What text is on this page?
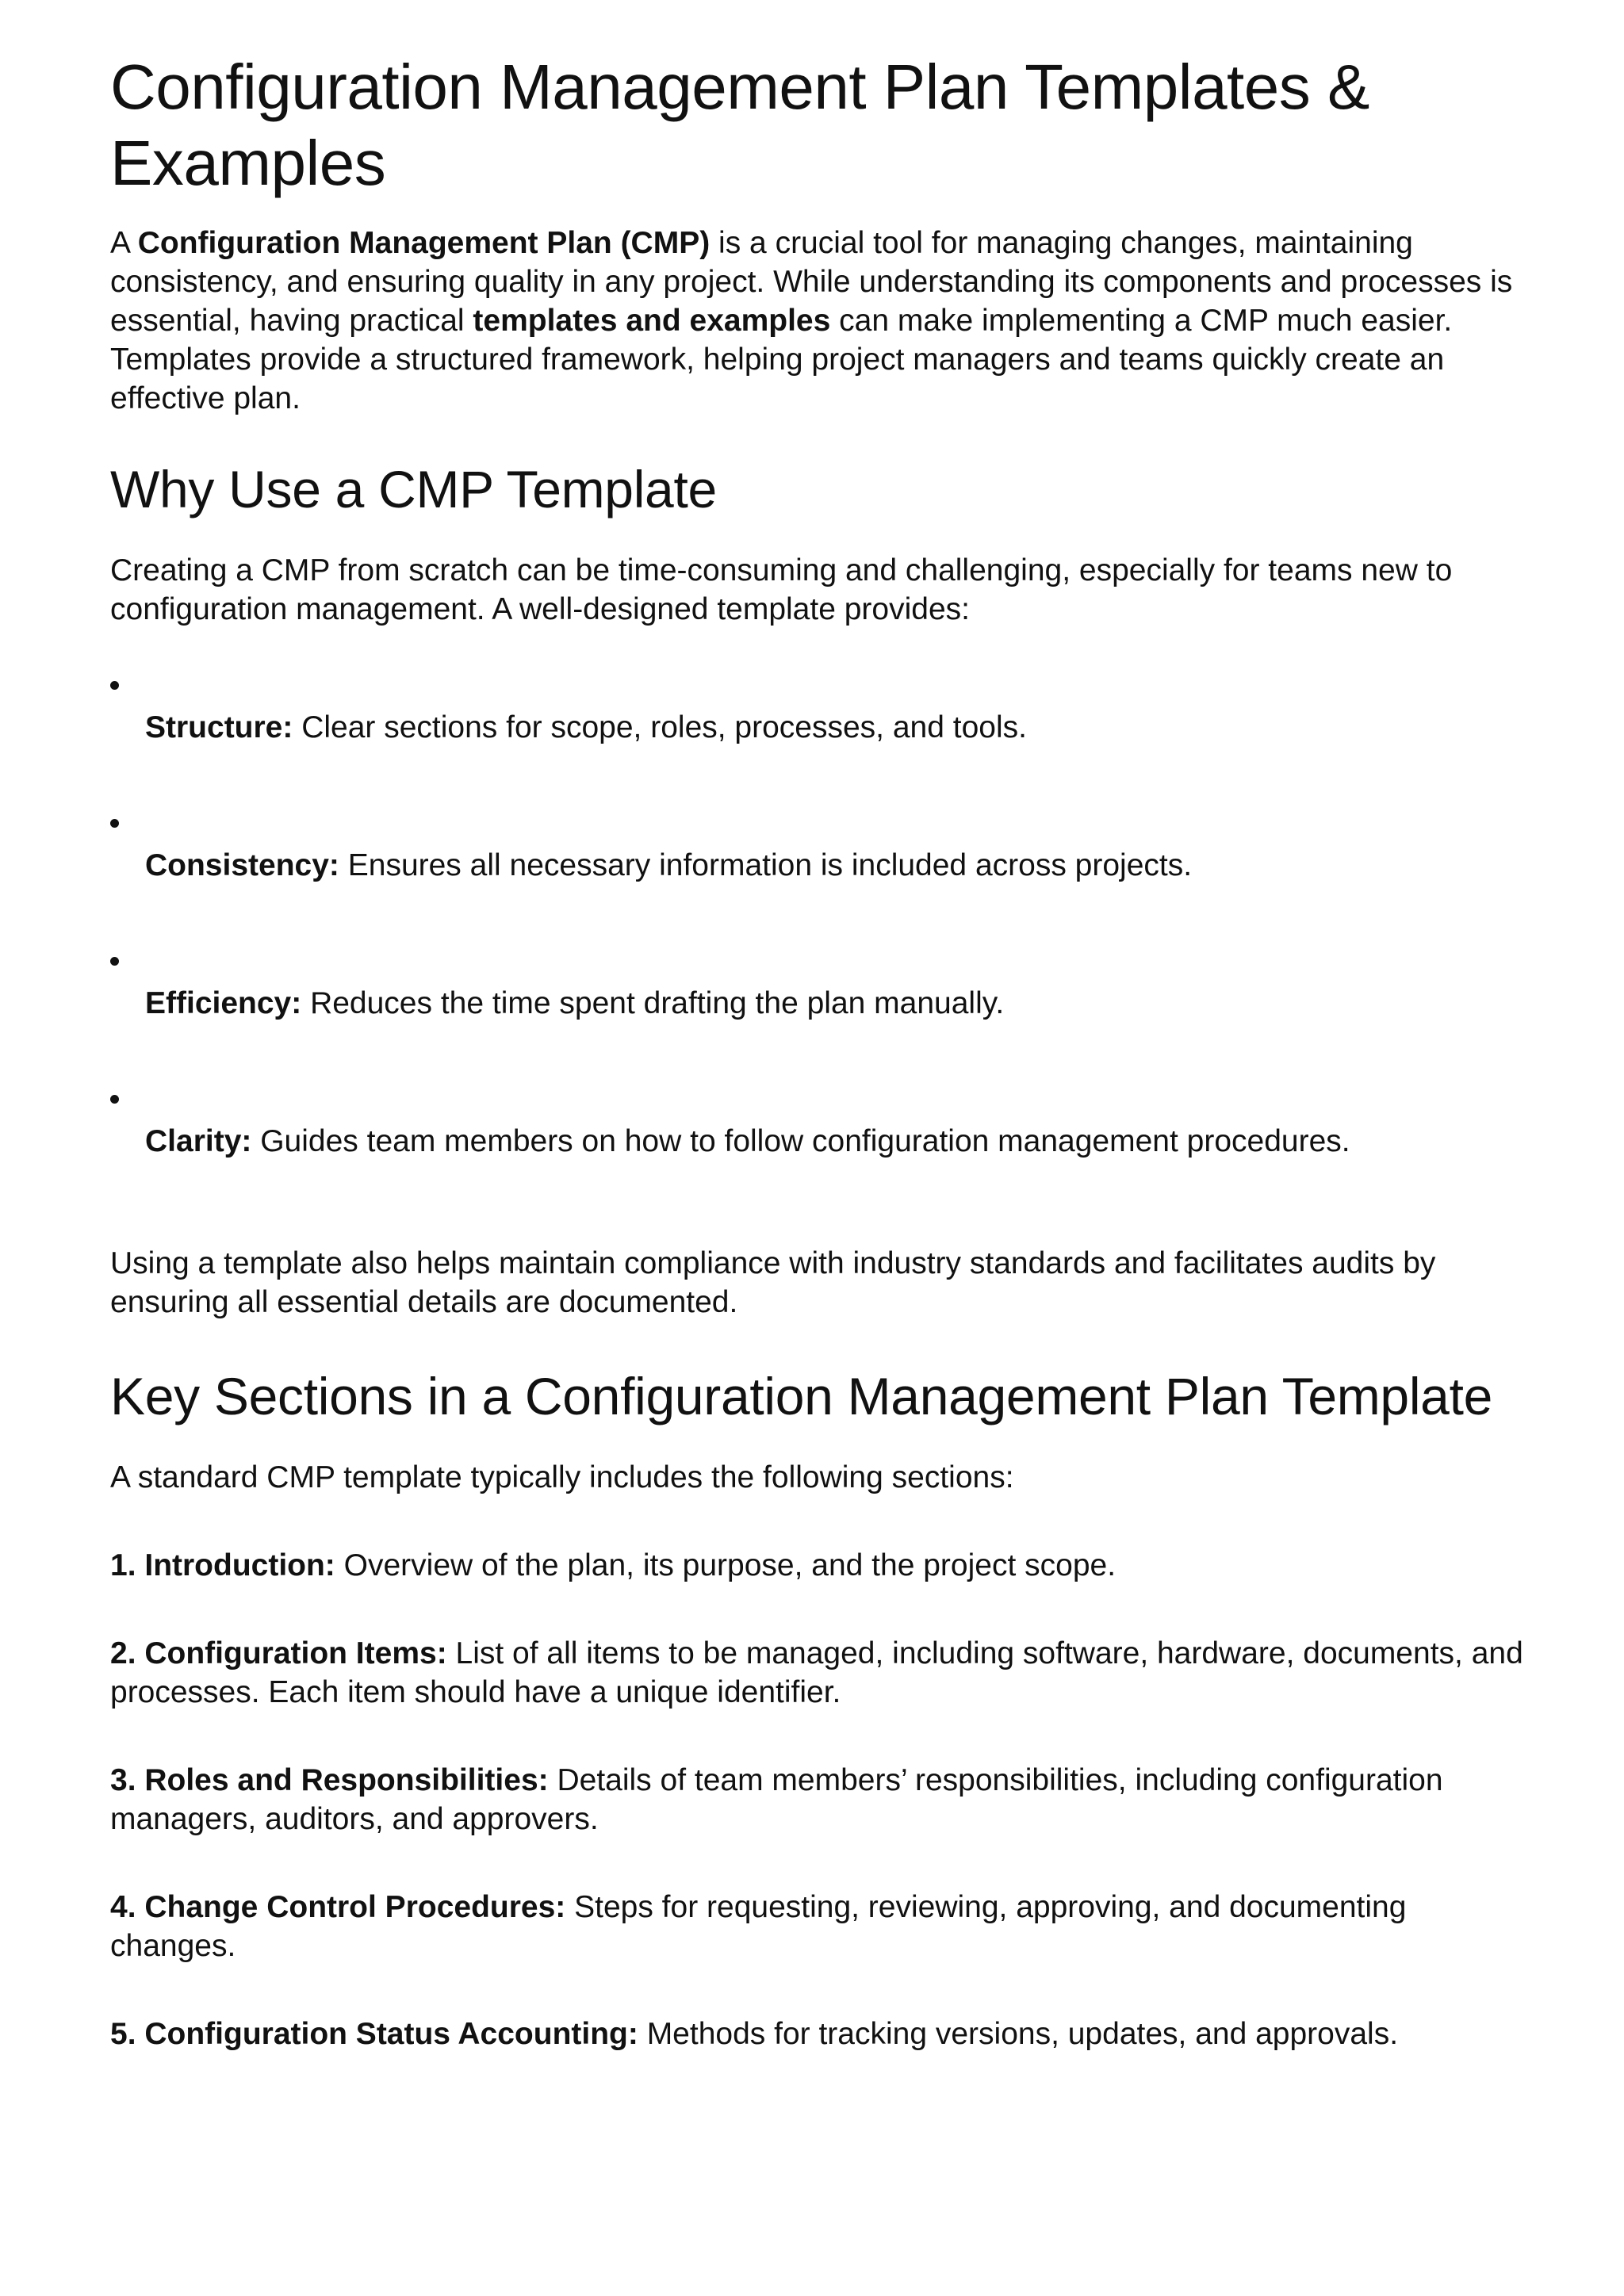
Configuration Management Plan Templates & Examples

A Configuration Management Plan (CMP) is a crucial tool for managing changes, maintaining consistency, and ensuring quality in any project. While understanding its components and processes is essential, having practical templates and examples can make implementing a CMP much easier. Templates provide a structured framework, helping project managers and teams quickly create an effective plan.

Why Use a CMP Template

Creating a CMP from scratch can be time-consuming and challenging, especially for teams new to configuration management. A well-designed template provides:

Structure: Clear sections for scope, roles, processes, and tools.
Consistency: Ensures all necessary information is included across projects.
Efficiency: Reduces the time spent drafting the plan manually.
Clarity: Guides team members on how to follow configuration management procedures.

Using a template also helps maintain compliance with industry standards and facilitates audits by ensuring all essential details are documented.

Key Sections in a Configuration Management Plan Template

A standard CMP template typically includes the following sections:

1. Introduction: Overview of the plan, its purpose, and the project scope.

2. Configuration Items: List of all items to be managed, including software, hardware, documents, and processes. Each item should have a unique identifier.

3. Roles and Responsibilities: Details of team members’ responsibilities, including configuration managers, auditors, and approvers.

4. Change Control Procedures: Steps for requesting, reviewing, approving, and documenting changes.

5. Configuration Status Accounting: Methods for tracking versions, updates, and approvals.
